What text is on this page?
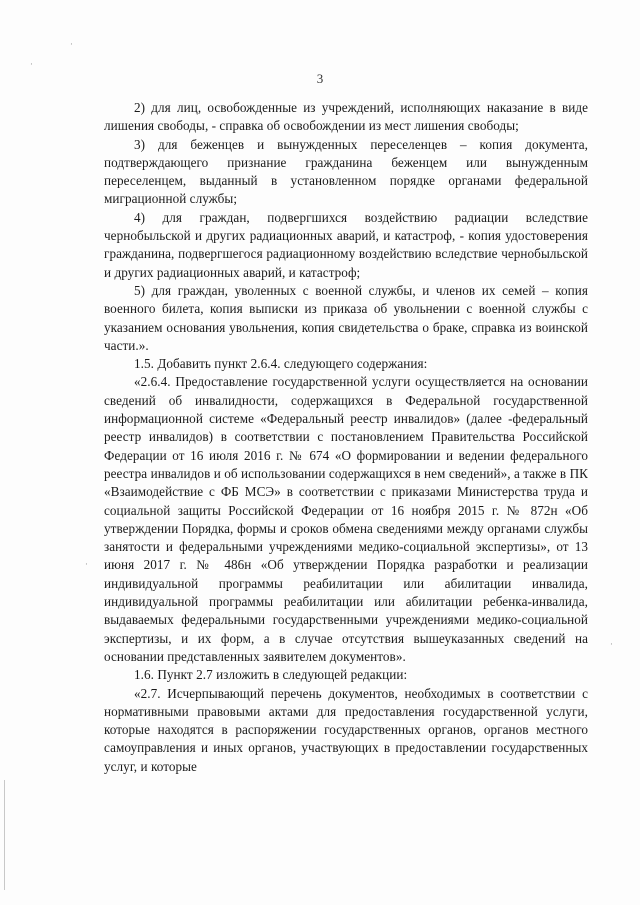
·
·
·
·
3

2) для лиц, освобожденные из учреждений, исполняющих наказание в виде лишения свободы, - справка об освобождении из мест лишения свободы;

3) для беженцев и вынужденных переселенцев – копия документа, подтверждающего признание гражданина беженцем или вынужденным переселенцем, выданный в установленном порядке органами федеральной миграционной службы;

4) для граждан, подвергшихся воздействию радиации вследствие чернобыльской и других радиационных аварий, и катастроф, - копия удостоверения гражданина, подвергшегося радиационному воздействию вследствие чернобыльской и других радиационных аварий, и катастроф;

5) для граждан, уволенных с военной службы, и членов их семей – копия военного билета, копия выписки из приказа об увольнении с военной службы с указанием основания увольнения, копия свидетельства о браке, справка из воинской части.».

1.5. Добавить пункт 2.6.4. следующего содержания:

«2.6.4. Предоставление государственной услуги осуществляется на основании сведений об инвалидности, содержащихся в Федеральной государственной информационной системе «Федеральный реестр инвалидов» (далее -федеральный реестр инвалидов) в соответствии с постановлением Правительства Российской Федерации от 16 июля 2016 г. № 674 «О формировании и ведении федерального реестра инвалидов и об использовании содержащихся в нем сведений», а также в ПК «Взаимодействие с ФБ МСЭ» в соответствии с приказами Министерства труда и социальной защиты Российской Федерации от 16 ноября 2015 г. № 872н «Об утверждении Порядка, формы и сроков обмена сведениями между органами службы занятости и федеральными учреждениями медико-социальной экспертизы», от 13 июня 2017 г. № 486н «Об утверждении Порядка разработки и реализации индивидуальной программы реабилитации или абилитации инвалида, индивидуальной программы реабилитации или абилитации ребенка-инвалида, выдаваемых федеральными государственными учреждениями медико-социальной экспертизы, и их форм, а в случае отсутствия вышеуказанных сведений на основании представленных заявителем документов».

1.6. Пункт 2.7 изложить в следующей редакции:

«2.7. Исчерпывающий перечень документов, необходимых в соответствии с нормативными правовыми актами для предоставления государственной услуги, которые находятся в распоряжении государственных органов, органов местного самоуправления и иных органов, участвующих в предоставлении государственных услуг, и которые
